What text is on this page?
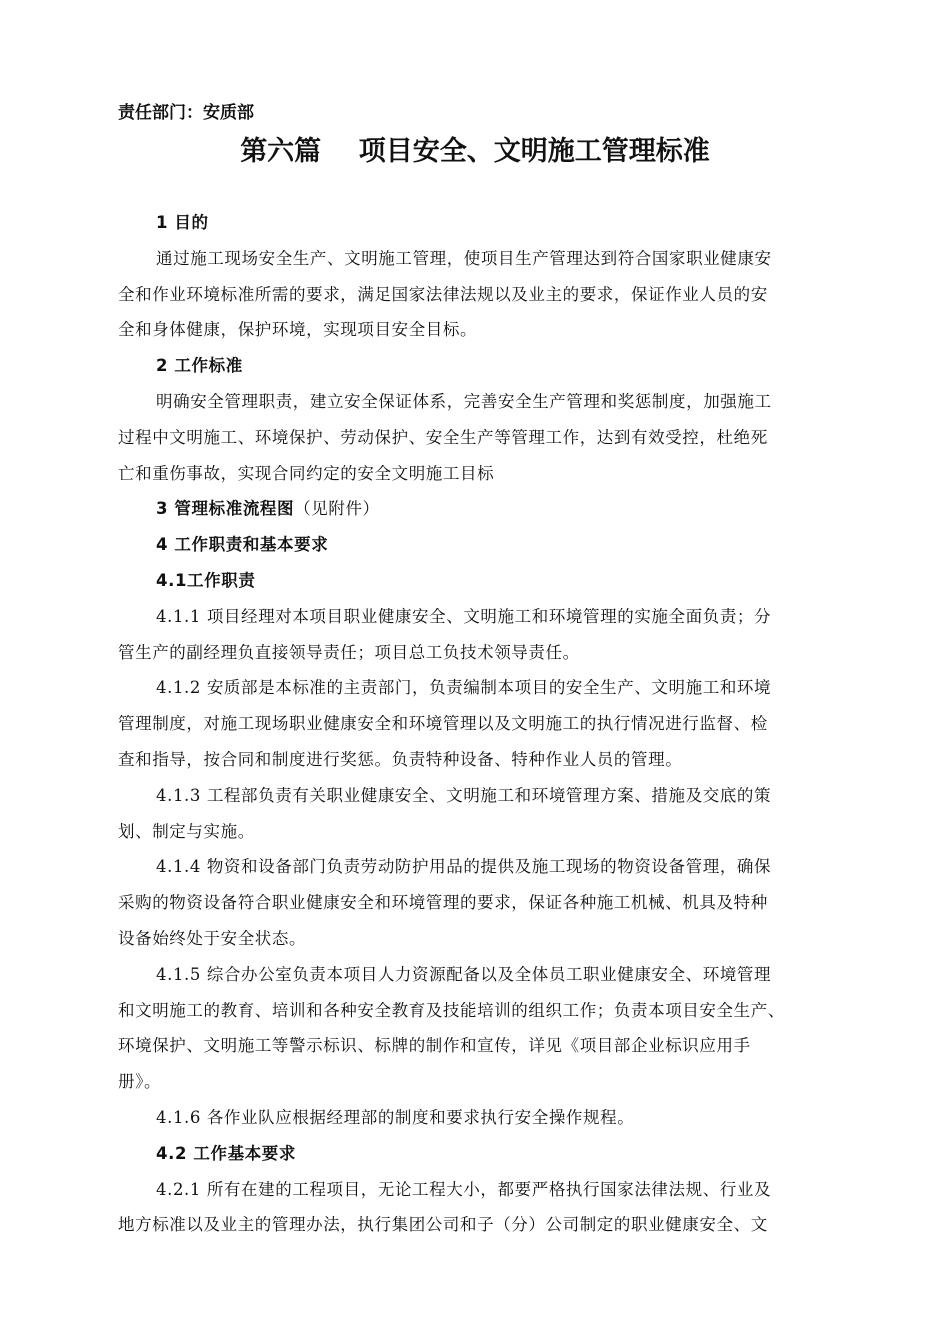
责任部门：安质部
第六篇    项目安全、文明施工管理标准
1 目的
通过施工现场安全生产、文明施工管理，使项目生产管理达到符合国家职业健康安
全和作业环境标准所需的要求，满足国家法律法规以及业主的要求，保证作业人员的安
全和身体健康，保护环境，实现项目安全目标。
2 工作标准
明确安全管理职责，建立安全保证体系，完善安全生产管理和奖惩制度，加强施工
过程中文明施工、环境保护、劳动保护、安全生产等管理工作，达到有效受控，杜绝死
亡和重伤事故，实现合同约定的安全文明施工目标
3 管理标准流程图（见附件）
4 工作职责和基本要求
4.1工作职责
4.1.1 项目经理对本项目职业健康安全、文明施工和环境管理的实施全面负责；分
管生产的副经理负直接领导责任；项目总工负技术领导责任。
4.1.2 安质部是本标准的主责部门，负责编制本项目的安全生产、文明施工和环境
管理制度，对施工现场职业健康安全和环境管理以及文明施工的执行情况进行监督、检
查和指导，按合同和制度进行奖惩。负责特种设备、特种作业人员的管理。
4.1.3 工程部负责有关职业健康安全、文明施工和环境管理方案、措施及交底的策
划、制定与实施。
4.1.4 物资和设备部门负责劳动防护用品的提供及施工现场的物资设备管理，确保
采购的物资设备符合职业健康安全和环境管理的要求，保证各种施工机械、机具及特种
设备始终处于安全状态。
4.1.5 综合办公室负责本项目人力资源配备以及全体员工职业健康安全、环境管理
和文明施工的教育、培训和各种安全教育及技能培训的组织工作；负责本项目安全生产、
环境保护、文明施工等警示标识、标牌的制作和宣传，详见《项目部企业标识应用手
册》。
4.1.6 各作业队应根据经理部的制度和要求执行安全操作规程。
4.2 工作基本要求
4.2.1 所有在建的工程项目，无论工程大小，都要严格执行国家法律法规、行业及
地方标准以及业主的管理办法，执行集团公司和子（分）公司制定的职业健康安全、文
